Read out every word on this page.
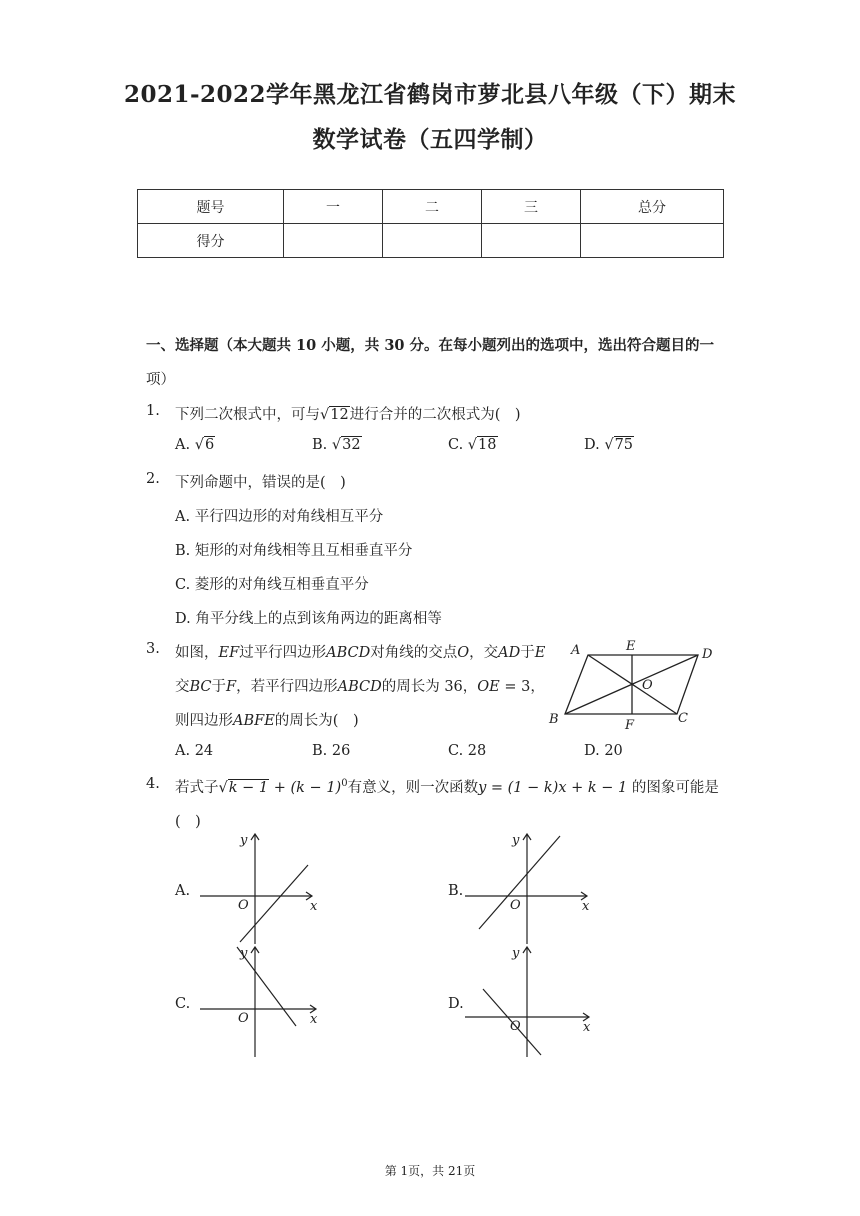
2021-2022学年黑龙江省鹤岗市萝北县八年级（下）期末
数学试卷（五四学制）
题号	一	二	三	总分
得分				
一、选择题（本大题共 10 小题，共 30 分。在每小题列出的选项中，选出符合题目的一
项）
1. 下列二次根式中，可与√12进行合并的二次根式为(　)
A. √6	B. √32	C. √18	D. √75
2. 下列命题中，错误的是(　)
A. 平行四边形的对角线相互平分
B. 矩形的对角线相等且互相垂直平分
C. 菱形的对角线互相垂直平分
D. 角平分线上的点到该角两边的距离相等
3. 如图，EF过平行四边形ABCD对角线的交点O，交AD于E
交BC于F，若平行四边形ABCD的周长为 36，OE = 3，
则四边形ABFE的周长为(　)
A. 24	B. 26	C. 28	D. 20
A	E
D
O
B	F	C
4. 若式子$√k - 1 + (k - 1)^0$有意义，则一次函数y = (1 − k)x + k − 1 的图象可能是
(　)
A.	B.
C.	D.
x
y
O	x
y
O
x
y
O
x
y
O
第 1页，共 21页
